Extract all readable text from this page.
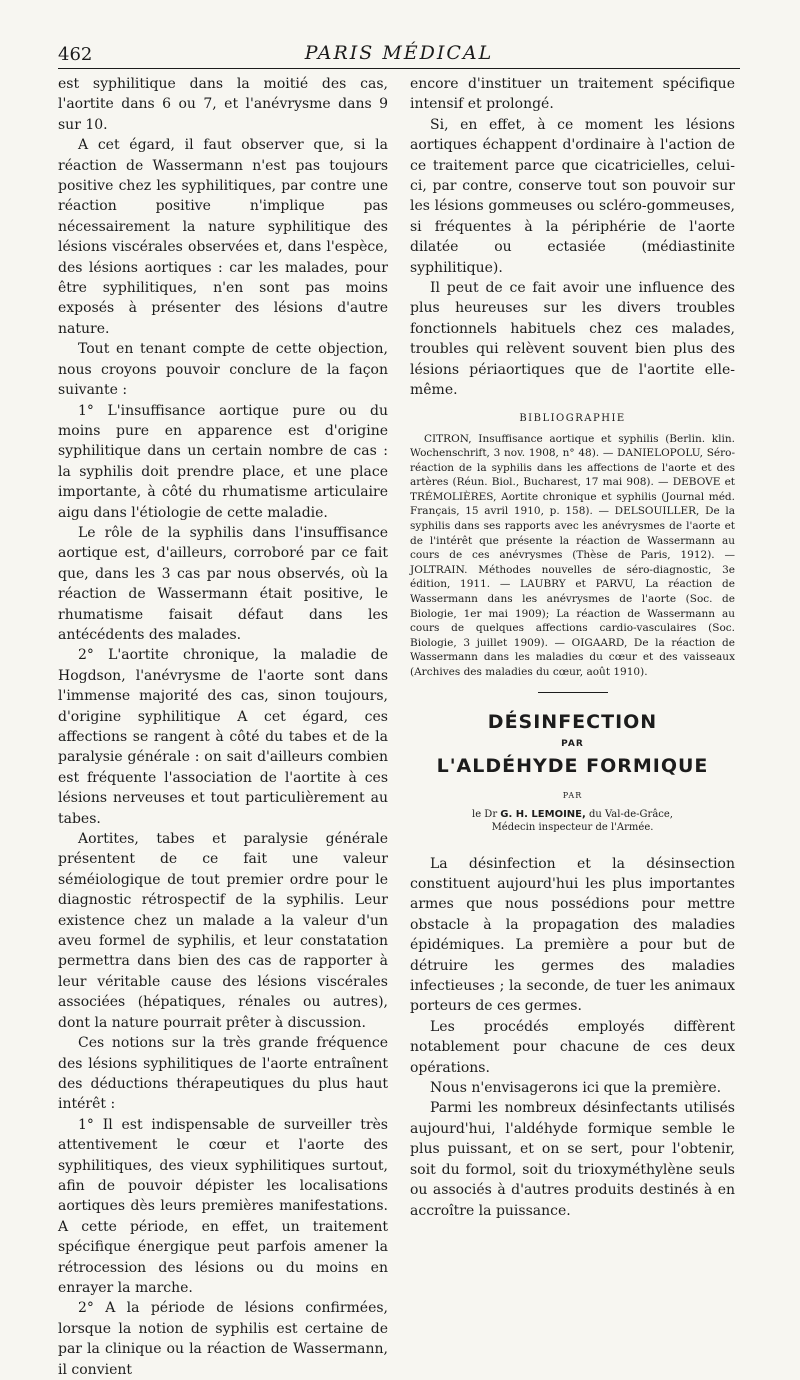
462	PARIS MÉDICAL

est syphilitique dans la moitié des cas, l'aortite dans 6 ou 7, et l'anévrysme dans 9 sur 10.

A cet égard, il faut observer que, si la réaction de Wassermann n'est pas toujours positive chez les syphilitiques, par contre une réaction positive n'implique pas nécessairement la nature syphilitique des lésions viscérales observées et, dans l'espèce, des lésions aortiques : car les malades, pour être syphilitiques, n'en sont pas moins exposés à présenter des lésions d'autre nature.

Tout en tenant compte de cette objection, nous croyons pouvoir conclure de la façon suivante :

1° L'insuffisance aortique pure ou du moins pure en apparence est d'origine syphilitique dans un certain nombre de cas : la syphilis doit prendre place, et une place importante, à côté du rhumatisme articulaire aigu dans l'étiologie de cette maladie.

Le rôle de la syphilis dans l'insuffisance aortique est, d'ailleurs, corroboré par ce fait que, dans les 3 cas par nous observés, où la réaction de Wassermann était positive, le rhumatisme faisait défaut dans les antécédents des malades.

2° L'aortite chronique, la maladie de Hogdson, l'anévrysme de l'aorte sont dans l'immense majorité des cas, sinon toujours, d'origine syphilitique A cet égard, ces affections se rangent à côté du tabes et de la paralysie générale : on sait d'ailleurs combien est fréquente l'association de l'aortite à ces lésions nerveuses et tout particulièrement au tabes.

Aortites, tabes et paralysie générale présentent de ce fait une valeur séméiologique de tout premier ordre pour le diagnostic rétrospectif de la syphilis. Leur existence chez un malade a la valeur d'un aveu formel de syphilis, et leur constatation permettra dans bien des cas de rapporter à leur véritable cause des lésions viscérales associées (hépatiques, rénales ou autres), dont la nature pourrait prêter à discussion.

Ces notions sur la très grande fréquence des lésions syphilitiques de l'aorte entraînent des déductions thérapeutiques du plus haut intérêt :

1° Il est indispensable de surveiller très attentivement le cœur et l'aorte des syphilitiques, des vieux syphilitiques surtout, afin de pouvoir dépister les localisations aortiques dès leurs premières manifestations. A cette période, en effet, un traitement spécifique énergique peut parfois amener la rétrocession des lésions ou du moins en enrayer la marche.

2° A la période de lésions confirmées, lorsque la notion de syphilis est certaine de par la clinique ou la réaction de Wassermann, il convient

encore d'instituer un traitement spécifique intensif et prolongé.

Si, en effet, à ce moment les lésions aortiques échappent d'ordinaire à l'action de ce traitement parce que cicatricielles, celui-ci, par contre, conserve tout son pouvoir sur les lésions gommeuses ou scléro-gommeuses, si fréquentes à la périphérie de l'aorte dilatée ou ectasiée (médiastinite syphilitique).

Il peut de ce fait avoir une influence des plus heureuses sur les divers troubles fonctionnels habituels chez ces malades, troubles qui relèvent souvent bien plus des lésions périaortiques que de l'aortite elle-même.

BIBLIOGRAPHIE

CITRON, Insuffisance aortique et syphilis (Berlin. klin. Wochenschrift, 3 nov. 1908, n° 48). — DANIELOPOLU, Séro-réaction de la syphilis dans les affections de l'aorte et des artères (Réun. Biol., Bucharest, 17 mai 908). — DEBOVE et TRÉMOLIÈRES, Aortite chronique et syphilis (Journal méd. Français, 15 avril 1910, p. 158). — DELSOUILLER, De la syphilis dans ses rapports avec les anévrysmes de l'aorte et de l'intérêt que présente la réaction de Wassermann au cours de ces anévrysmes (Thèse de Paris, 1912). — JOLTRAIN. Méthodes nouvelles de séro-diagnostic, 3e édition, 1911. — LAUBRY et PARVU, La réaction de Wassermann dans les anévrysmes de l'aorte (Soc. de Biologie, 1er mai 1909); La réaction de Wassermann au cours de quelques affections cardio-vasculaires (Soc. Biologie, 3 juillet 1909). — OIGAARD, De la réaction de Wassermann dans les maladies du cœur et des vaisseaux (Archives des maladies du cœur, août 1910).

DÉSINFECTION
PAR
L'ALDÉHYDE FORMIQUE
PAR
le Dr G. H. LEMOINE, du Val-de-Grâce,
Médecin inspecteur de l'Armée.

La désinfection et la désinsection constituent aujourd'hui les plus importantes armes que nous possédions pour mettre obstacle à la propagation des maladies épidémiques. La première a pour but de détruire les germes des maladies infectieuses ; la seconde, de tuer les animaux porteurs de ces germes.

Les procédés employés diffèrent notablement pour chacune de ces deux opérations.

Nous n'envisagerons ici que la première.

Parmi les nombreux désinfectants utilisés aujourd'hui, l'aldéhyde formique semble le plus puissant, et on se sert, pour l'obtenir, soit du formol, soit du trioxyméthylène seuls ou associés à d'autres produits destinés à en accroître la puissance.
